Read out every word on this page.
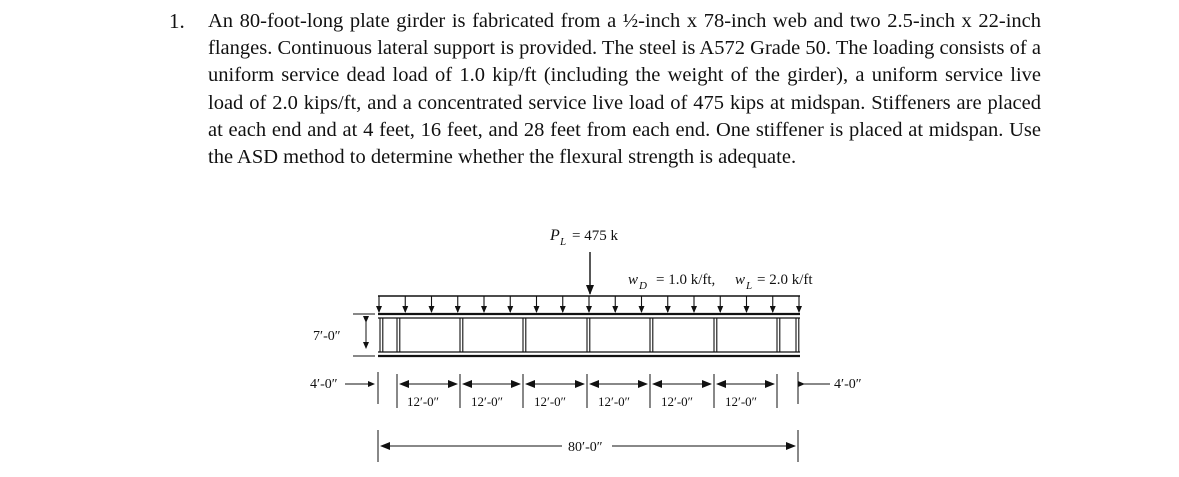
1. An 80-foot-long plate girder is fabricated from a ½-inch x 78-inch web and two 2.5-inch x 22-inch flanges. Continuous lateral support is provided. The steel is A572 Grade 50. The loading consists of a uniform service dead load of 1.0 kip/ft (including the weight of the girder), a uniform service live load of 2.0 kips/ft, and a concentrated service live load of 475 kips at midspan. Stiffeners are placed at each end and at 4 feet, 16 feet, and 28 feet from each end. One stiffener is placed at midspan. Use the ASD method to determine whether the flexural strength is adequate.

P L = 475 k
w D = 1.0 k/ft, w L = 2.0 k/ft
7′-0″
4′-0″	4′-0″
12′-0″ 12′-0″ 12′-0″ 12′-0″ 12′-0″ 12′-0″
80′-0″
